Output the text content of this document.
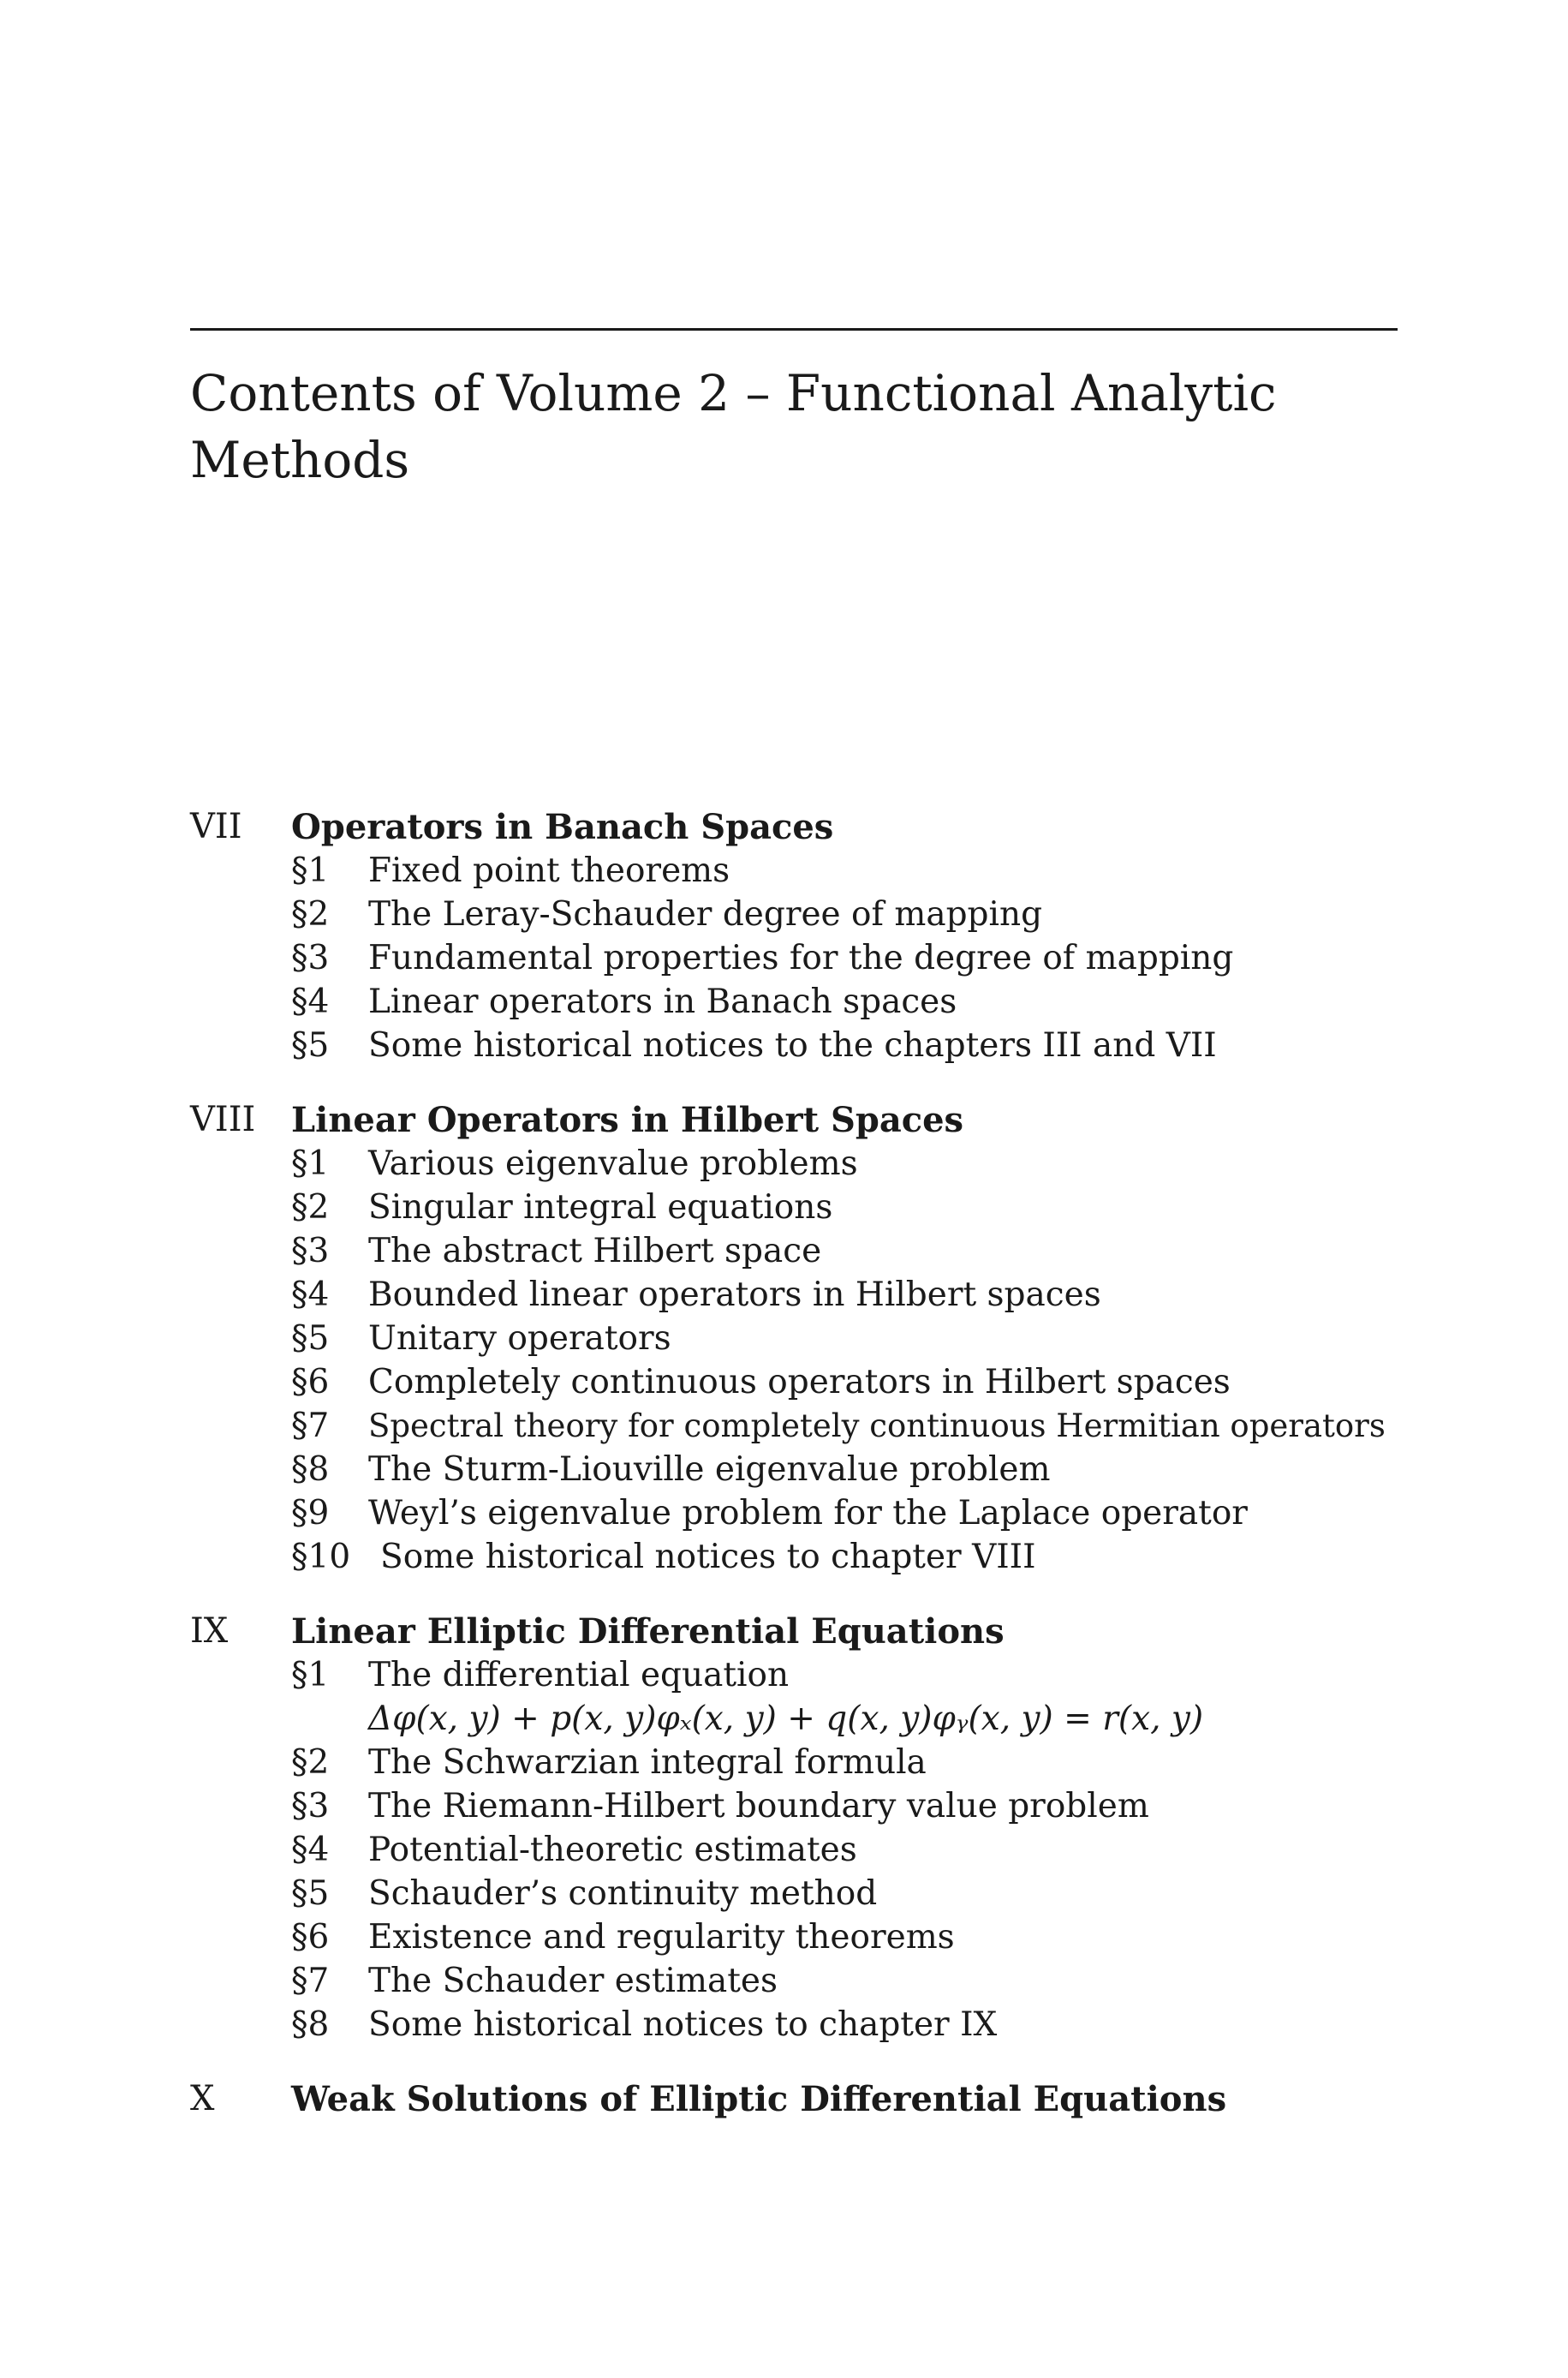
Contents of Volume 2 – Functional Analytic
Methods
VII Operators in Banach Spaces
§1 Fixed point theorems
§2 The Leray-Schauder degree of mapping
§3 Fundamental properties for the degree of mapping
§4 Linear operators in Banach spaces
§5 Some historical notices to the chapters III and VII
VIII Linear Operators in Hilbert Spaces
§1 Various eigenvalue problems
§2 Singular integral equations
§3 The abstract Hilbert space
§4 Bounded linear operators in Hilbert spaces
§5 Unitary operators
§6 Completely continuous operators in Hilbert spaces
§7 Spectral theory for completely continuous Hermitian operators
§8 The Sturm-Liouville eigenvalue problem
§9 Weyl’s eigenvalue problem for the Laplace operator
§10 Some historical notices to chapter VIII
IX Linear Elliptic Differential Equations
§1 The differential equation
Δφ(x, y) + p(x, y)φₓ(x, y) + q(x, y)φᵧ(x, y) = r(x, y)
§2 The Schwarzian integral formula
§3 The Riemann-Hilbert boundary value problem
§4 Potential-theoretic estimates
§5 Schauder’s continuity method
§6 Existence and regularity theorems
§7 The Schauder estimates
§8 Some historical notices to chapter IX
X Weak Solutions of Elliptic Differential Equations
